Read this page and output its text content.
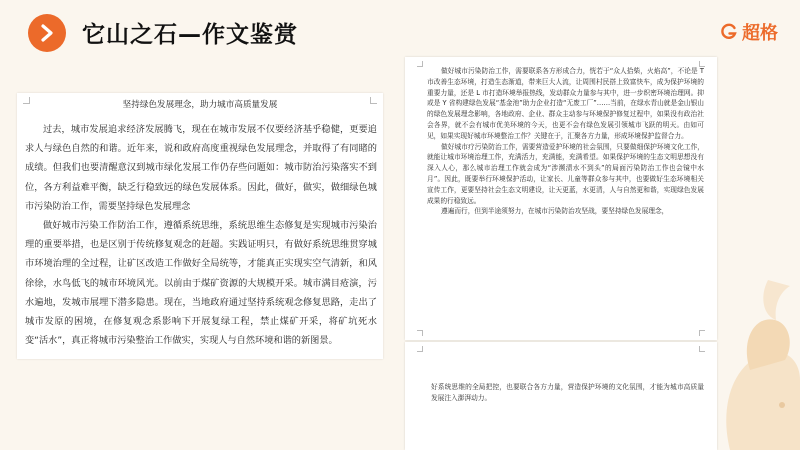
它山之石—作文鉴赏	超格
坚持绿色发展理念，助力城市高质量发展

过去，城市发展追求经济发展腾飞，现在在城市发展不仅要经济基乎稳健，更要追求人与绿色自然的和谐。近年来，说和政府高度重视绿色发展理念，并取得了有同睹的成绩。但我们也要清醒意汉到城市绿化发展工作仍存些问题如：城市防治污染落实不到位，各方利益难平衡，缺乏行稳致远的绿色发展体系。因此，做好，做实，做细绿色城市污染防治工作，需要坚持绿色发展理念

做好城市污染工作防治工作，遵循系统思维，系统思维生态修复是实现城市污染治理的重要举措，也是区别于传统修复观念的赶超。实践证明只，有做好系统思维贯穿城市环境治理的全过程，让矿区改造工作做好全局统等，才能真正实现实空气清新，和风徐徐，水鸟低飞的城市环境风光。以前由于煤矿资源的大规模开采。城市满目疮演，污水遍地，发城市展埋下潜多隐患。现在，当地政府通过坚持系统观念修复思路，走出了城市发原的困境，在修复观念系影响下开展复绿工程，禁止煤矿开采，将矿坑死水变“活水”，真正将城市污染整治工作做实，实现人与自然环境和谐的新图景。

做好城市污染防治工作，需要联系各方形成合力，恍若于“众人拾柴，火焰高”，不论是 T 市改善生态环境，打造生态渐道，带来巨大人流，让周围村民搭上致富快车，成为保护环境的重要力量，还是 L 市打造环境举报热线，发动群众力量参与其中，进一步织密环境治理网。抑或是 Y 省构建绿色发展“基金池”助力企业打造“无废工厂”……当前，在绿水青山就是金山银山的绿色发展理念影响，各地政府、企业、群众主动参与环境保护修复过程中，如果没有政治社会各界，就不会有城市优美环境的今天，也更不会有绿色发展引领城市飞跃的明天。由如可见，如果实现好城市环境整治工作？关键在于，汇聚各方力量，形成环境保护监督合力。

做好城市疗污染防治工作，需要营造爱护环境的社会氛围，只要做细保护环境文化工作，就能让城市环境治理工作，充满活力，充满能，充满希望。如果保护环境的生态文明思想没有深入人心，那么城市治理工作就会成为“涉濒渍水不到头”的局面污染防治工作也会镜中水月”。因此，既要举行环境保护活动，让家长、儿童等群众参与其中，也要做好生态环境相关宣传工作，更要坚持社会生态文明建设，让天更蓝，水更清，人与自然更和谐，实现绿色发展成果的行稳致远。

遵遍而行，但到半途须努力，在城市污染防治攻坚战，要坚持绿色发展理念，

好系统思维的全局把控，也要联合各方力量，营造保护环境的文化氛围，才能为城市高质量发展注入澎湃动力。
